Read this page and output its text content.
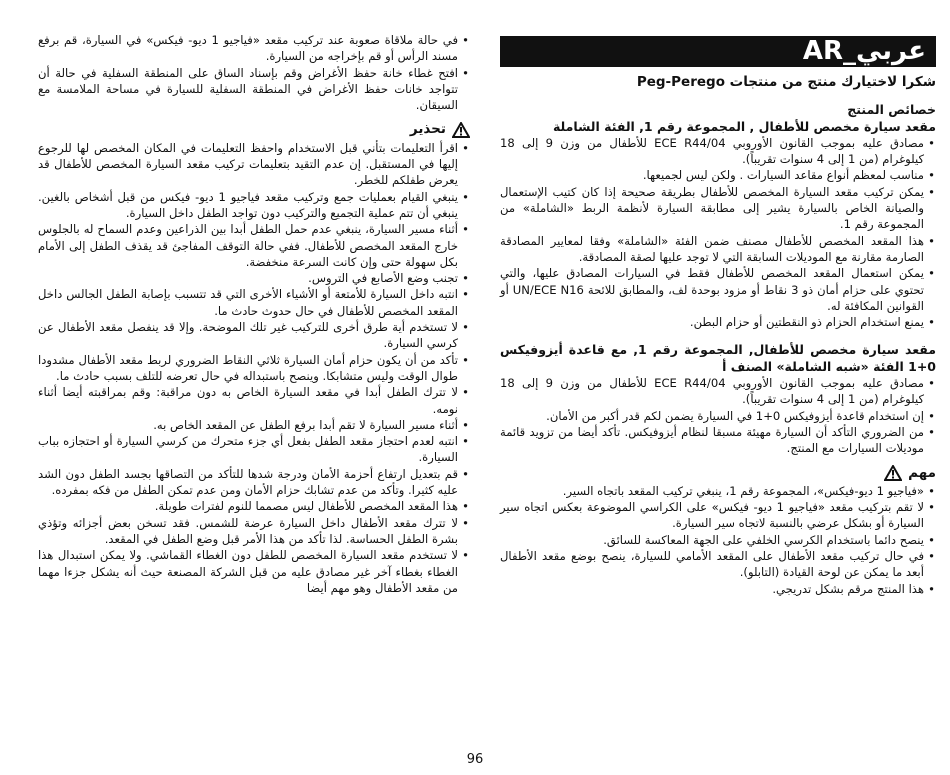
• في حالة ملاقاة صعوبة عند تركيب مقعد «فياجيو 1 ديو- فيكس» في السيارة، قم برفع مسند الرأس أو قم بإخراجه من السيارة.
• افتح غطاء خانة حفظ الأغراض وقم بإسناد الساق على المنطقة السفلية في حالة أن تتواجد خانات حفظ الأغراض في المنطقة السفلية للسيارة في مساحة الملامسة مع السيقان.
تحذير
• اقرأ التعليمات بتأني قبل الاستخدام واحفظ التعليمات في المكان المخصص لها للرجوع إليها في المستقبل. إن عدم التقيد بتعليمات تركيب مقعد السيارة المخصص للأطفال قد يعرض طفلكم للخطر.
• ينبغي القيام بعمليات جمع وتركيب مقعد فياجيو 1 ديو- فيكس من قبل أشخاص بالغين. ينبغي أن تتم عملية التجميع والتركيب دون تواجد الطفل داخل السيارة.
• أثناء مسير السيارة، ينبغي عدم حمل الطفل أبدا بين الذراعين وعدم السماح له بالجلوس خارج المقعد المخصص للأطفال. ففي حالة التوقف المفاجئ قد يقذف الطفل إلى الأمام بكل سهولة حتى وإن كانت السرعة منخفضة.
• تجنب وضع الأصابع في التروس.
• انتبه داخل السيارة للأمتعة أو الأشياء الأخرى التي قد تتسبب بإصابة الطفل الجالس داخل المقعد المخصص للأطفال في حال حدوث حادث ما.
• لا تستخدم أية طرق أخرى للتركيب غير تلك الموضحة. وإلا قد ينفصل مقعد الأطفال عن كرسي السيارة.
• تأكد من أن يكون حزام أمان السيارة ثلاثي النقاط الضروري لربط مقعد الأطفال مشدودا طوال الوقت وليس متشابكا. وينصح باستبداله في حال تعرضه للتلف بسبب حادث ما.
• لا تترك الطفل أبدا في مقعد السيارة الخاص به دون مراقبة: وقم بمراقبته أيضا أثناء نومه.
• أثناء مسير السيارة لا تقم أبدا برفع الطفل عن المقعد الخاص به.
• انتبه لعدم احتجاز مقعد الطفل بفعل أي جزء متحرك من كرسي السيارة أو احتجازه بباب السيارة.
• قم بتعديل ارتفاع أحزمة الأمان ودرجة شدها للتأكد من التصاقها بجسد الطفل دون الشد عليه كثيرا. وتأكد من عدم تشابك حزام الأمان ومن عدم تمكن الطفل من فكه بمفرده.
• هذا المقعد المخصص للأطفال ليس مصمما للنوم لفترات طويلة.
• لا تترك مقعد الأطفال داخل السيارة عرضة للشمس. فقد تسخن بعض أجزائه وتؤذي بشرة الطفل الحساسة. لذا تأكد من هذا الأمر قبل وضع الطفل في المقعد.
• لا تستخدم مقعد السيارة المخصص للطفل دون الغطاء القماشي. ولا يمكن استبدال هذا الغطاء بغطاء آخر غير مصادق عليه من قبل الشركة المصنعة حيث أنه يشكل جزءا مهما من مقعد الأطفال وهو مهم أيضا
AR_عربي

شكرا لاختيارك منتج من منتجات Peg-Perego

خصائص المنتج

مقعد سيارة مخصص للأطفال , المجموعة رقم 1, الفئة الشاملة

• مصادق عليه بموجب القانون الأوروبي ECE R44/04 للأطفال من وزن 9 إلى 18 كيلوغرام (من 1 إلى 4 سنوات تقريباً).
• مناسب لمعظم أنواع مقاعد السيارات . ولكن ليس لجميعها.
• يمكن تركيب مقعد السيارة المخصص للأطفال بطريقة صحيحة إذا كان كتيب الإستعمال والصيانة الخاص بالسيارة يشير إلى مطابقة السيارة لأنظمة الربط «الشاملة» من المجموعة رقم 1.
• هذا المقعد المخصص للأطفال مصنف ضمن الفئة «الشاملة» وفقا لمعايير المصادقة الصارمة مقارنة مع الموديلات السابقة التي لا توجد عليها لصقة المصادقة.
• يمكن استعمال المقعد المخصص للأطفال فقط في السيارات المصادق عليها، والتي تحتوي على حزام أمان ذو 3 نقاط أو مزود بوحدة لف، والمطابق للائحة UN/ECE N16 أو القوانين المكافئة له.
• يمنع استخدام الحزام ذو النقطتين أو حزام البطن.

مقعد سيارة مخصص للأطفال, المجموعة رقم 1, مع قاعدة أيزوفيكس 0+1 الفئة «شبه الشاملة» الصنف أ

• مصادق عليه بموجب القانون الأوروبي ECE R44/04 للأطفال من وزن 9 إلى 18 كيلوغرام (من 1 إلى 4 سنوات تقريباً).
• إن استخدام قاعدة أيزوفيكس 0+1 في السيارة يضمن لكم قدر أكبر من الأمان.
• من الضروري التأكد أن السيارة مهيئة مسبقا لنظام أيزوفيكس. تأكد أيضا من تزويد قائمة موديلات السيارات مع المنتج.
مهم
• «فياجيو 1 ديو-فيكس»، المجموعة رقم 1، ينبغي تركيب المقعد باتجاه السير.
• لا تقم بتركيب مقعد «فياجيو 1 ديو- فيكس» على الكراسي الموضوعة بعكس اتجاه سير السيارة أو بشكل عرضي بالنسبة لاتجاه سير السيارة.
• ينصح دائما باستخدام الكرسي الخلفي على الجهة المعاكسة للسائق.
• في حال تركيب مقعد الأطفال على المقعد الأمامي للسيارة، ينصح بوضع مقعد الأطفال أبعد ما يمكن عن لوحة القيادة (التابلو).
• هذا المنتج مرقم بشكل تدريجي.
96
